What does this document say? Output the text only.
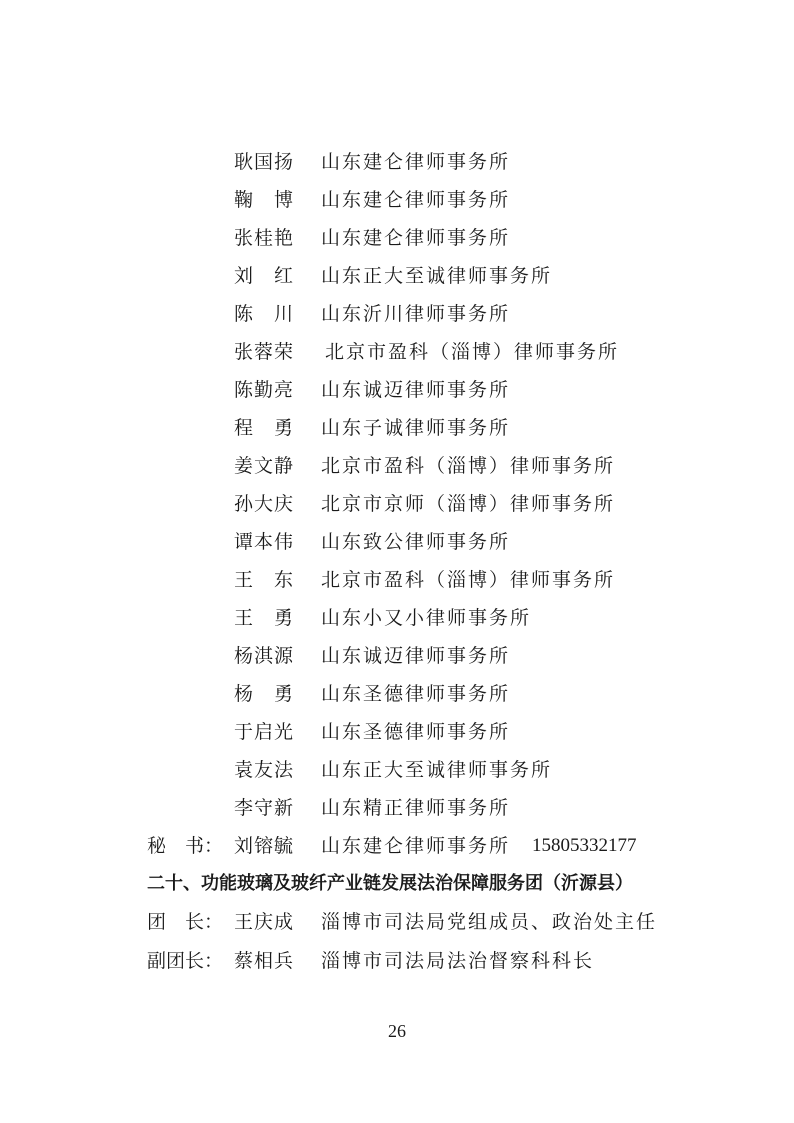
耿国扬 山东建仑律师事务所
鞠　博 山东建仑律师事务所
张桂艳 山东建仑律师事务所
刘　红 山东正大至诚律师事务所
陈　川 山东沂川律师事务所
张蓉荣 北京市盈科（淄博）律师事务所
陈勤亮 山东诚迈律师事务所
程　勇 山东子诚律师事务所
姜文静 北京市盈科（淄博）律师事务所
孙大庆 北京市京师（淄博）律师事务所
谭本伟 山东致公律师事务所
王　东 北京市盈科（淄博）律师事务所
王　勇 山东小又小律师事务所
杨淇源 山东诚迈律师事务所
杨　勇 山东圣德律师事务所
于启光 山东圣德律师事务所
袁友法 山东正大至诚律师事务所
李守新 山东精正律师事务所
秘　书： 刘镕毓 山东建仑律师事务所 15805332177
二十、功能玻璃及玻纤产业链发展法治保障服务团（沂源县）
团　长： 王庆成 淄博市司法局党组成员、政治处主任
副团长： 蔡相兵 淄博市司法局法治督察科科长
26
